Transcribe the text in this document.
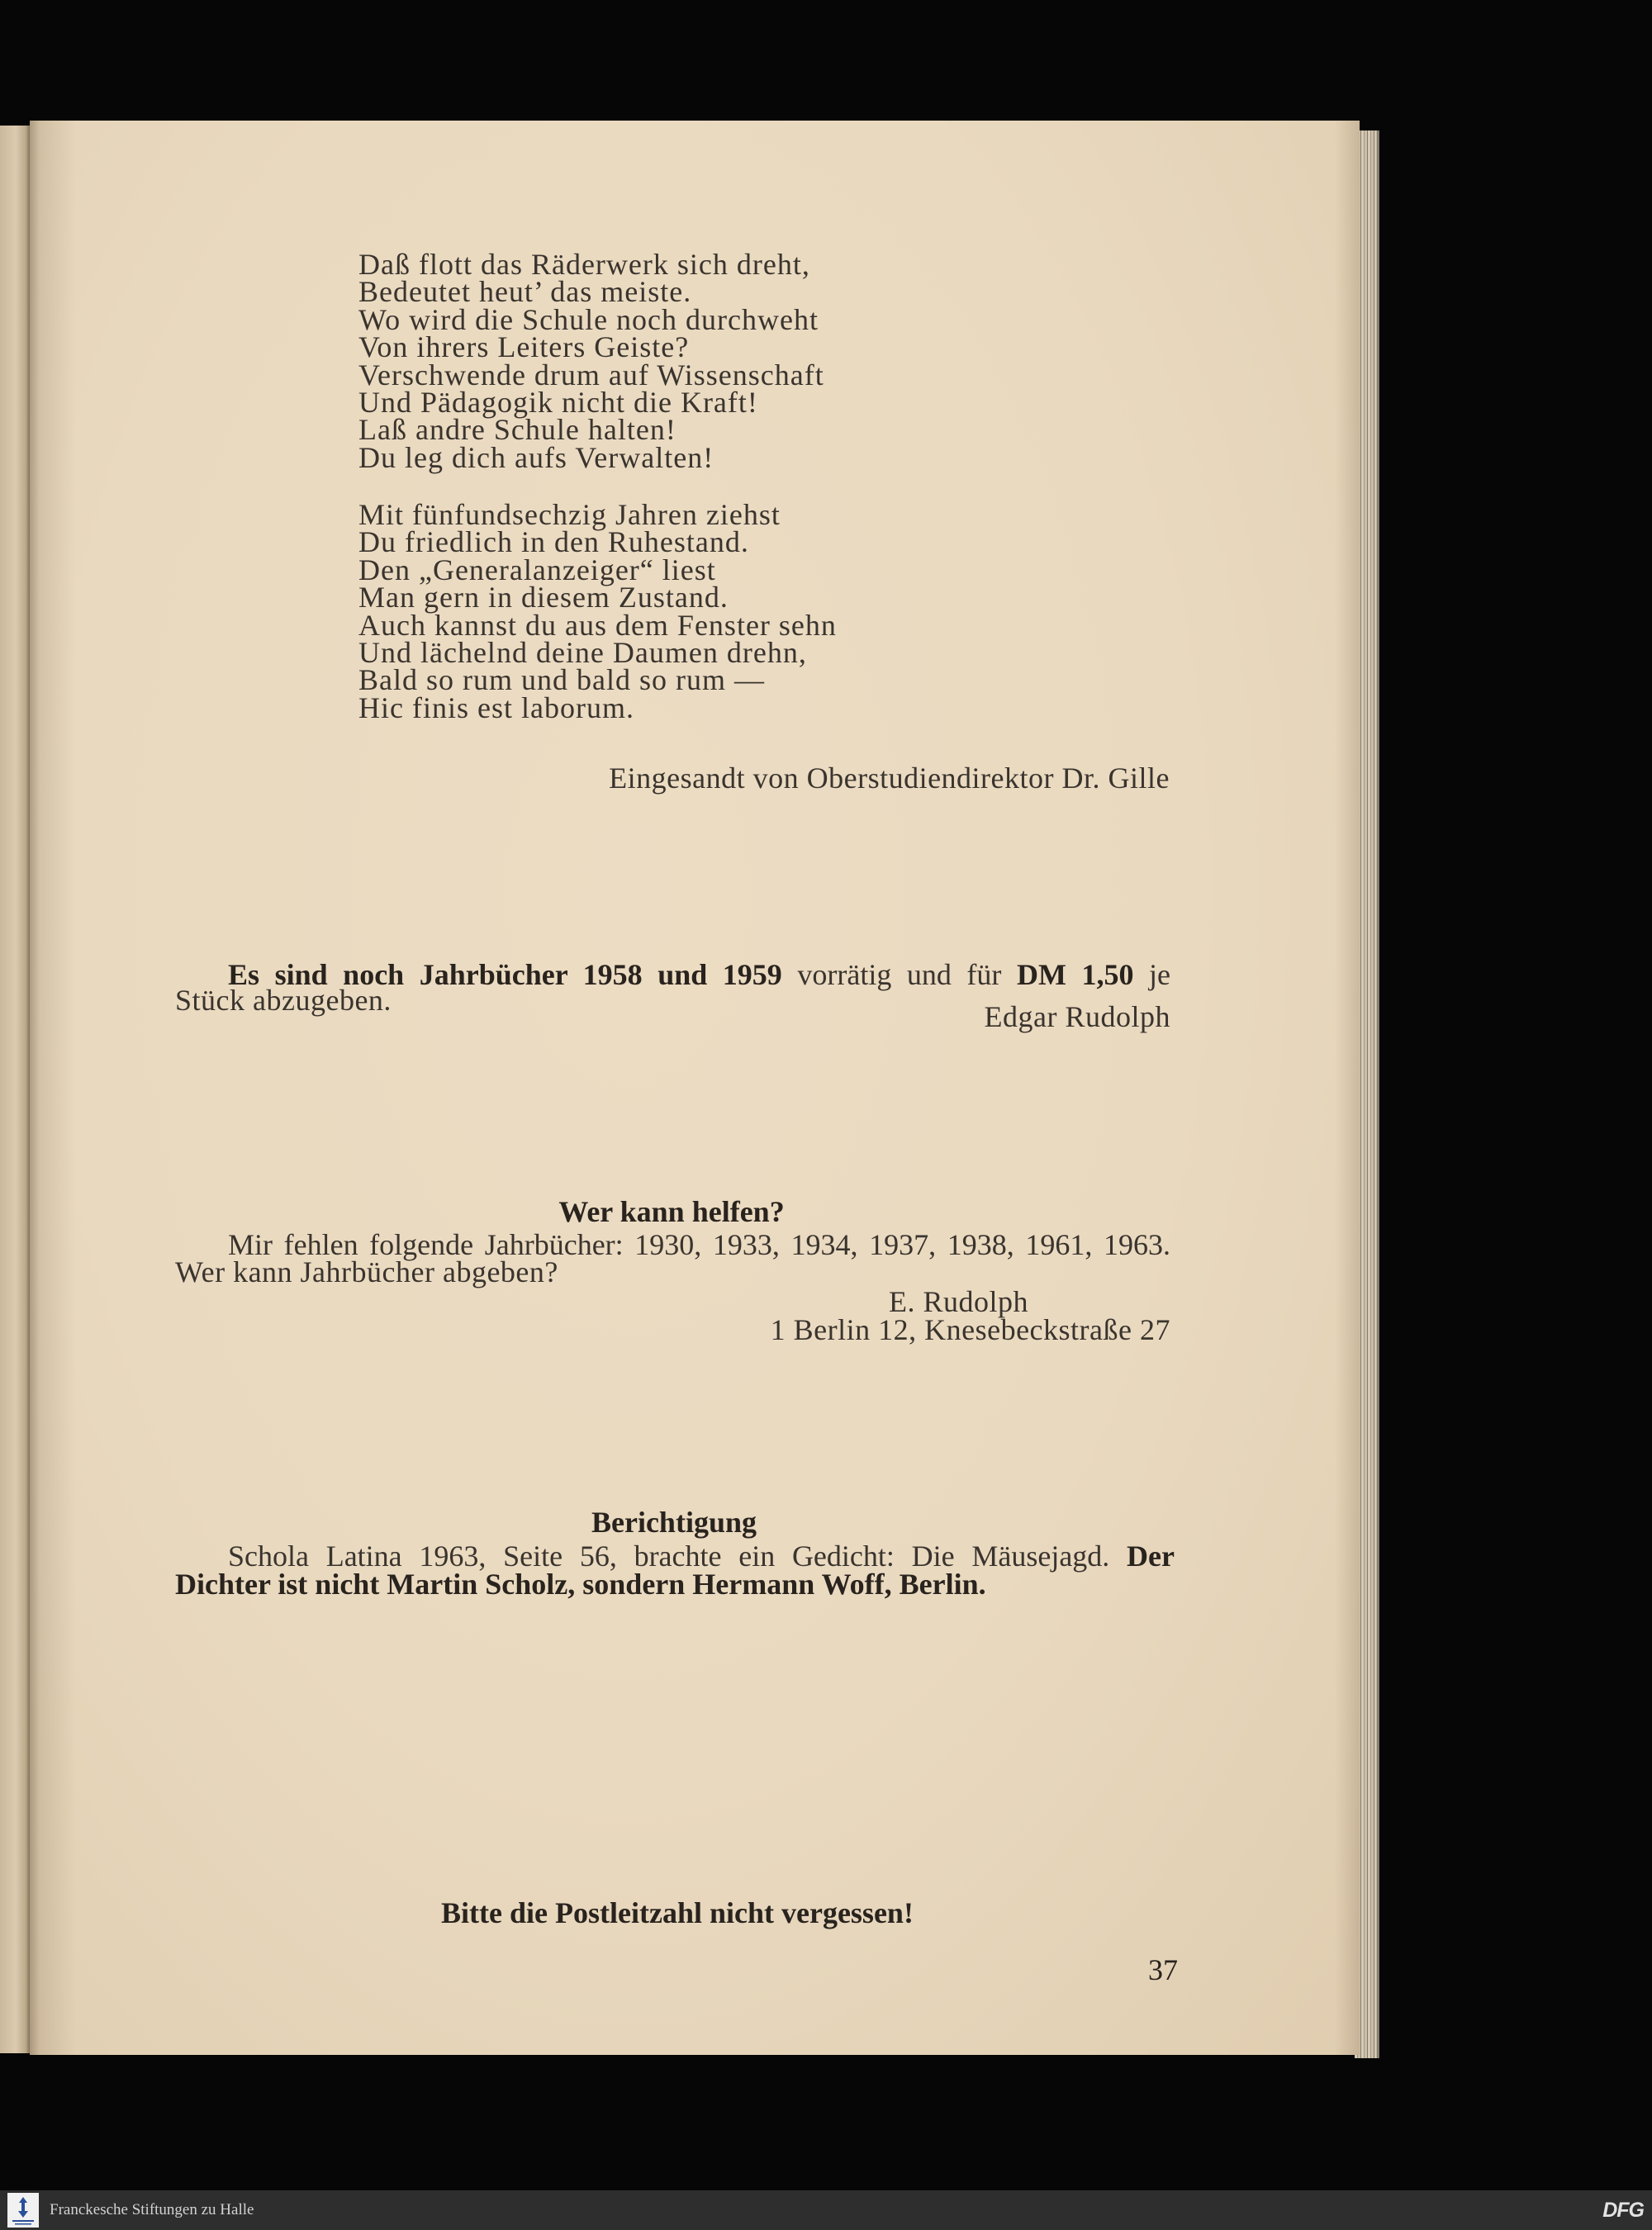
Daß flott das Räderwerk sich dreht,
Bedeutet heut’ das meiste.
Wo wird die Schule noch durchweht
Von ihrers Leiters Geiste?
Verschwende drum auf Wissenschaft
Und Pädagogik nicht die Kraft!
Laß andre Schule halten!
Du leg dich aufs Verwalten!
Mit fünfundsechzig Jahren ziehst
Du friedlich in den Ruhestand.
Den „Generalanzeiger“ liest
Man gern in diesem Zustand.
Auch kannst du aus dem Fenster sehn
Und lächelnd deine Daumen drehn,
Bald so rum und bald so rum —
Hic finis est laborum.
Eingesandt von Oberstudiendirektor Dr. Gille
Es sind noch Jahrbücher 1958 und 1959 vorrätig und für DM 1,50 je
Stück abzugeben.	Edgar Rudolph
Wer kann helfen?
Mir fehlen folgende Jahrbücher: 1930, 1933, 1934, 1937, 1938, 1961, 1963.
Wer kann Jahrbücher abgeben?
E. Rudolph
1 Berlin 12, Knesebeckstraße 27
Berichtigung
Schola Latina 1963, Seite 56, brachte ein Gedicht: Die Mäusejagd. Der
Dichter ist nicht Martin Scholz, sondern Hermann Woff, Berlin.
Bitte die Postleitzahl nicht vergessen!
37
Franckesche Stiftungen zu Halle	DFG
